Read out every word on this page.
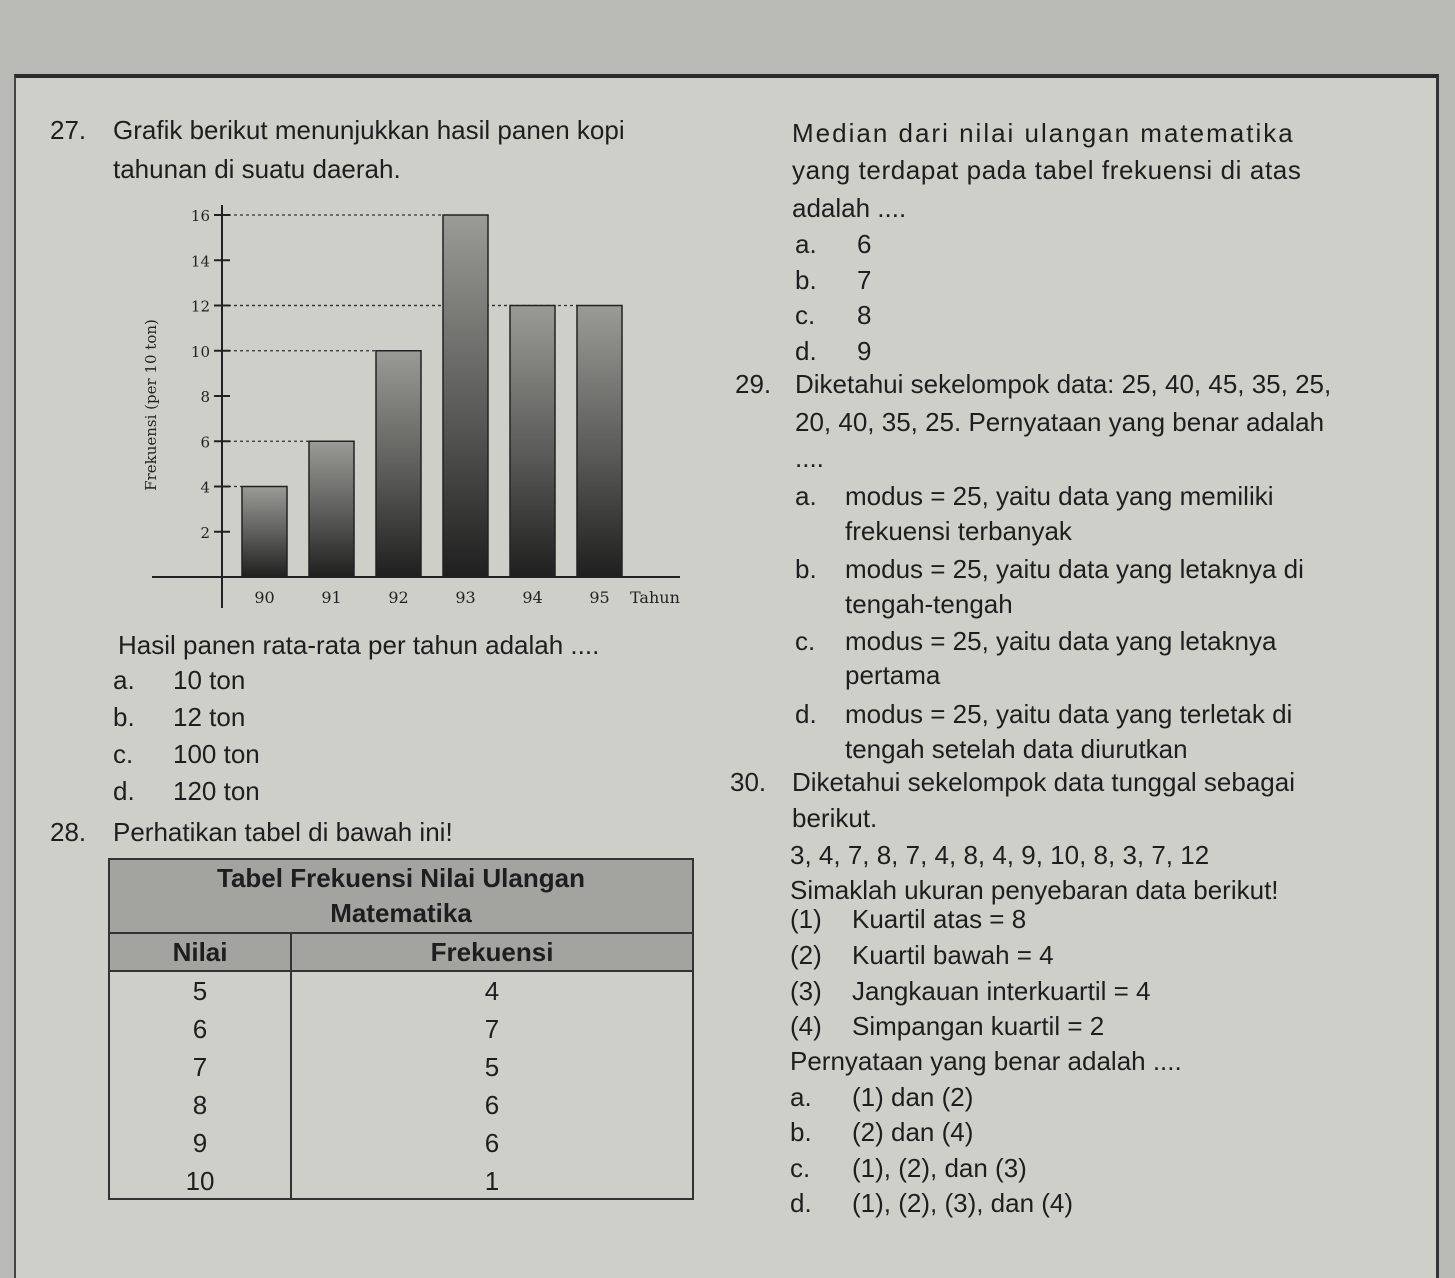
27. Grafik berikut menunjukkan hasil panen kopi
tahunan di suatu daerah.
2
4
6
8
10
12
14
16
90	91	92	93	94	95 Tahun
Frekuensi (per 10 ton)
Hasil panen rata-rata per tahun adalah ....
a. 10 ton
b. 12 ton
c. 100 ton
d. 120 ton
28. Perhatikan tabel di bawah ini!
Tabel Frekuensi Nilai Ulangan
Matematika	
Nilai	Frekuensi
5	4
6	7
7	5
8	6
9	6
10	1
Median dari nilai ulangan matematika
yang terdapat pada tabel frekuensi di atas
adalah ....
a. 6
b. 7
c. 8
d. 9
29. Diketahui sekelompok data: 25, 40, 45, 35, 25,
20, 40, 35, 25. Pernyataan yang benar adalah
....
a. modus = 25, yaitu data yang memiliki
frekuensi terbanyak
b. modus = 25, yaitu data yang letaknya di
tengah-tengah
c. modus = 25, yaitu data yang letaknya
pertama
d. modus = 25, yaitu data yang terletak di
tengah setelah data diurutkan
30. Diketahui sekelompok data tunggal sebagai
berikut.
3, 4, 7, 8, 7, 4, 8, 4, 9, 10, 8, 3, 7, 12
Simaklah ukuran penyebaran data berikut!
(1) Kuartil atas = 8
(2) Kuartil bawah = 4
(3) Jangkauan interkuartil = 4
(4) Simpangan kuartil = 2
Pernyataan yang benar adalah ....
a. (1) dan (2)
b. (2) dan (4)
c. (1), (2), dan (3)
d. (1), (2), (3), dan (4)
